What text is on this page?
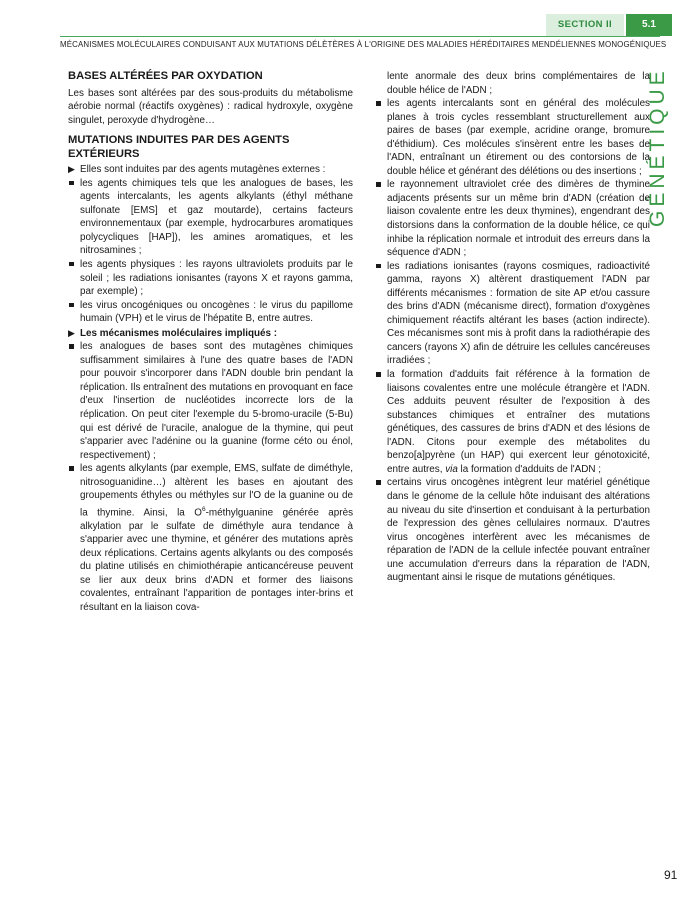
SECTION II	5.1
MÉCANISMES MOLÉCULAIRES CONDUISANT AUX MUTATIONS DÉLÈTÈRES À L'ORIGINE DES MALADIES HÉRÉDITAIRES MENDÉLIENNES MONOGÉNIQUES
GÉNÉTIQUE
BASES ALTÉRÉES PAR OXYDATION

Les bases sont altérées par des sous-produits du métabolisme aérobie normal (réactifs oxygènes) : radical hydroxyle, oxygène singulet, peroxyde d'hydrogène…

MUTATIONS INDUITES PAR DES AGENTS EXTÉRIEURS
▶ Elles sont induites par des agents mutagènes externes :
les agents chimiques tels que les analogues de bases, les agents intercalants, les agents alkylants (éthyl méthane sulfonate [EMS] et gaz moutarde), certains facteurs environnementaux (par exemple, hydrocarbures aromatiques polycycliques [HAP]), les amines aromatiques, et les nitrosamines ;
les agents physiques : les rayons ultraviolets produits par le soleil ; les radiations ionisantes (rayons X et rayons gamma, par exemple) ;
les virus oncogéniques ou oncogènes : le virus du papillome humain (VPH) et le virus de l'hépatite B, entre autres.
▶ Les mécanismes moléculaires impliqués :
les analogues de bases sont des mutagènes chimiques suffisamment similaires à l'une des quatre bases de l'ADN pour pouvoir s'incorporer dans l'ADN double brin pendant la réplication. Ils entraînent des mutations en provoquant en face d'eux l'insertion de nucléotides incorrecte lors de la réplication. On peut citer l'exemple du 5-bromo-uracile (5-Bu) qui est dérivé de l'uracile, analogue de la thymine, qui peut s'apparier avec l'adénine ou la guanine (forme céto ou énol, respectivement) ;
les agents alkylants (par exemple, EMS, sulfate de diméthyle, nitrosoguanidine…) altèrent les bases en ajoutant des groupements éthyles ou méthyles sur l'O de la guanine ou de la thymine. Ainsi, la $O^6$-méthylguanine générée après alkylation par le sulfate de diméthyle aura tendance à s'apparier avec une thymine, et générer des mutations après deux réplications. Certains agents alkylants ou des composés du platine utilisés en chimiothérapie anticancéreuse peuvent se lier aux deux brins d'ADN et former des liaisons covalentes, entraînant l'apparition de pontages inter-brins et résultant en la liaison cova-

lente anormale des deux brins complémentaires de la double hélice de l'ADN ;

les agents intercalants sont en général des molécules planes à trois cycles ressemblant structurellement aux paires de bases (par exemple, acridine orange, bromure d'éthidium). Ces molécules s'insèrent entre les bases de l'ADN, entraînant un étirement ou des contorsions de la double hélice et générant des délétions ou des insertions ;
le rayonnement ultraviolet crée des dimères de thymine adjacents présents sur un même brin d'ADN (création de liaison covalente entre les deux thymines), engendrant des distorsions dans la conformation de la double hélice, ce qui inhibe la réplication normale et introduit des erreurs dans la séquence d'ADN ;
les radiations ionisantes (rayons cosmiques, radioactivité gamma, rayons X) altèrent drastiquement l'ADN par différents mécanismes : formation de site AP et/ou cassure des brins d'ADN (mécanisme direct), formation d'oxygènes chimiquement réactifs altérant les bases (action indirecte). Ces mécanismes sont mis à profit dans la radiothérapie des cancers (rayons X) afin de détruire les cellules cancéreuses irradiées ;
la formation d'adduits fait référence à la formation de liaisons covalentes entre une molécule étrangère et l'ADN. Ces adduits peuvent résulter de l'exposition à des substances chimiques et entraîner des mutations génétiques, des cassures de brins d'ADN et des lésions de l'ADN. Citons pour exemple des métabolites du benzo[a]pyrène (un HAP) qui exercent leur génotoxicité, entre autres, via la formation d'adduits de l'ADN ;
certains virus oncogènes intègrent leur matériel génétique dans le génome de la cellule hôte induisant des altérations au niveau du site d'insertion et conduisant à la perturbation de l'expression des gènes cellulaires normaux. D'autres virus oncogènes interfèrent avec les mécanismes de réparation de l'ADN de la cellule infectée pouvant entraîner une accumulation d'erreurs dans la réparation de l'ADN, augmentant ainsi le risque de mutations génétiques.
91
